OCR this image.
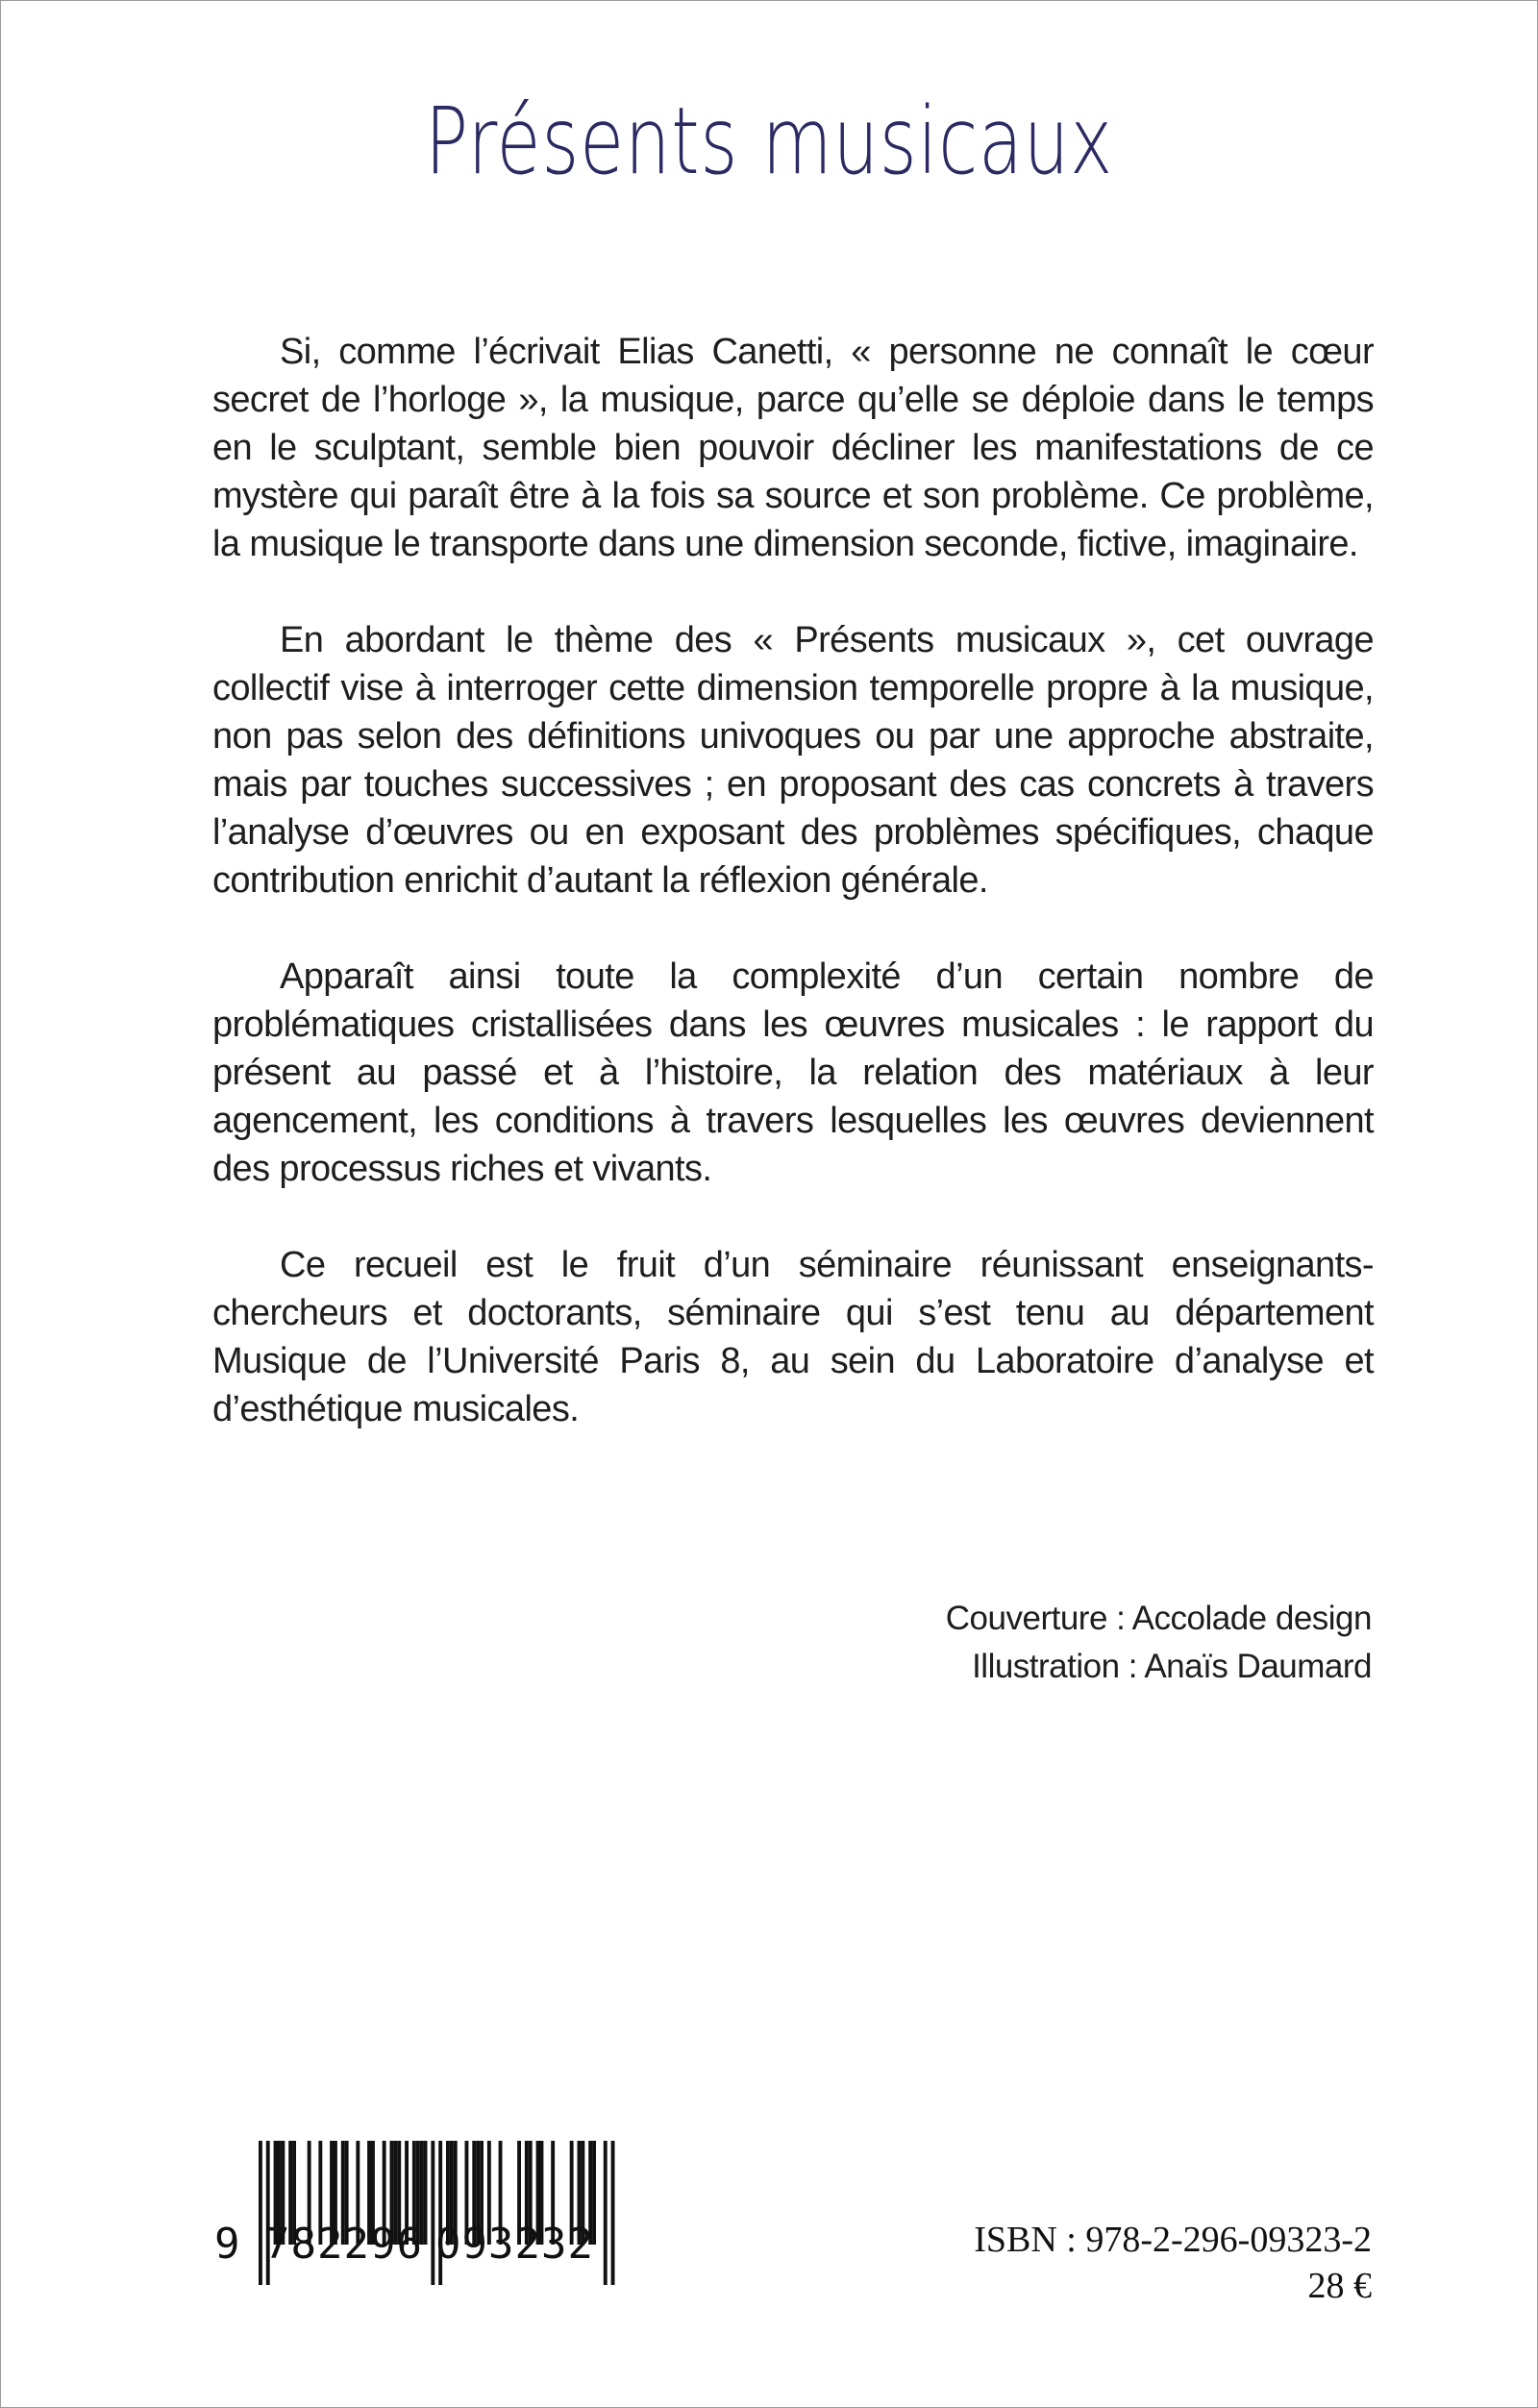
Présents musicaux

Si, comme l’écrivait Elias Canetti, « personne ne connaît le cœur secret de l’horloge », la musique, parce qu’elle se déploie dans le temps en le sculptant, semble bien pouvoir décliner les manifestations de ce mystère qui paraît être à la fois sa source et son problème. Ce problème, la musique le transporte dans une dimension seconde, fictive, imaginaire.

En abordant le thème des « Présents musicaux », cet ouvrage collectif vise à interroger cette dimension temporelle propre à la musique, non pas selon des définitions univoques ou par une approche abstraite, mais par touches successives ; en proposant des cas concrets à travers l’analyse d’œuvres ou en exposant des problèmes spécifiques, chaque contribution enrichit d’autant la réflexion générale.

Apparaît ainsi toute la complexité d’un certain nombre de problématiques cristallisées dans les œuvres musicales : le rapport du présent au passé et à l’histoire, la relation des matériaux à leur agencement, les conditions à travers lesquelles les œuvres deviennent des processus riches et vivants.

Ce recueil est le fruit d’un séminaire réunissant enseignants-chercheurs et doctorants, séminaire qui s’est tenu au département Musique de l’Université Paris 8, au sein du Laboratoire d’analyse et d’esthétique musicales.

Couverture : Accolade design
Illustration : Anaïs Daumard
9 782296 093232	ISBN : 978-2-296-09323-2
28 €
